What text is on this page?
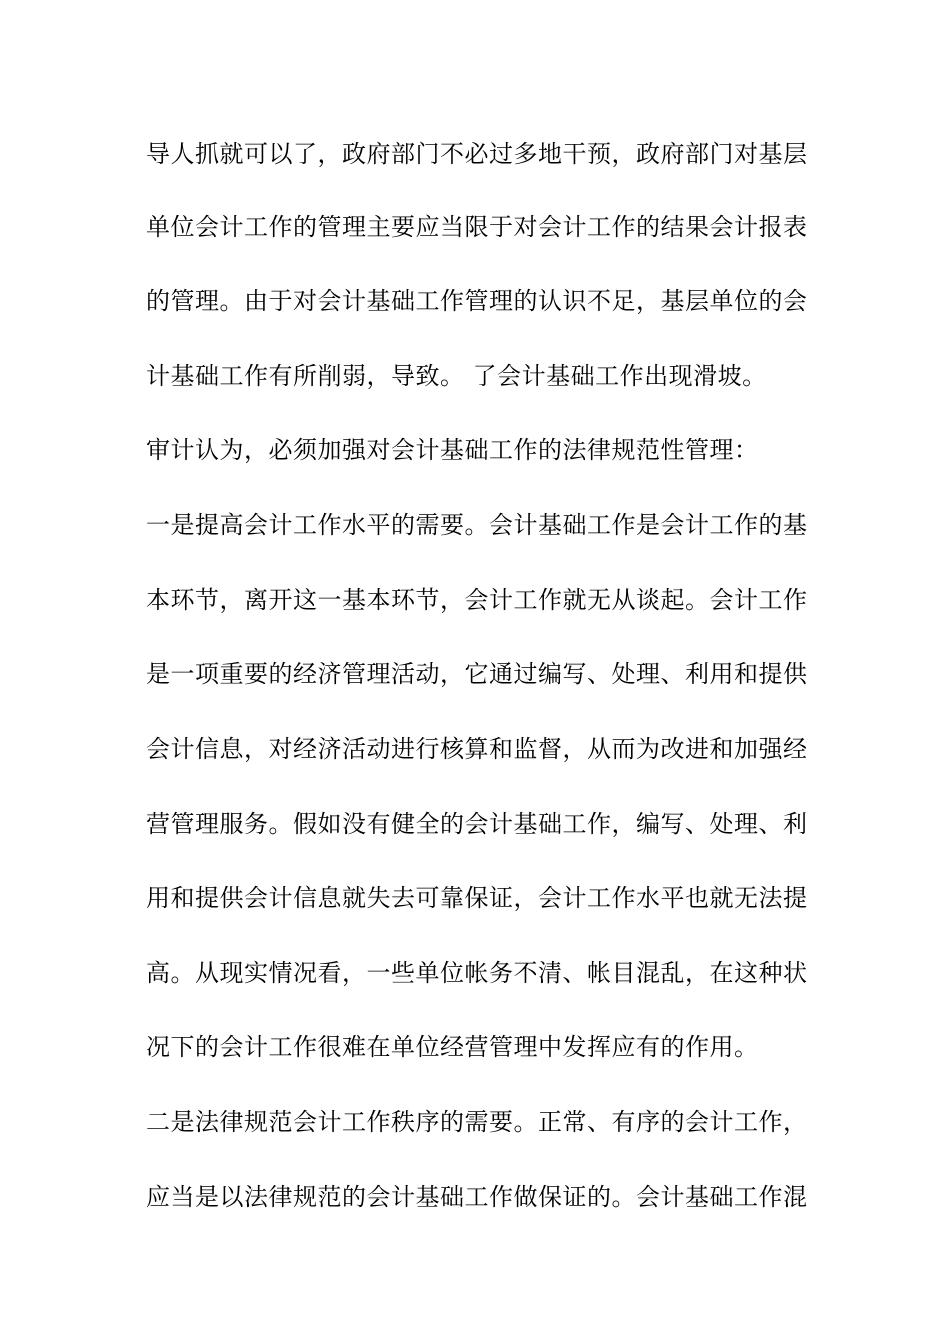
导人抓就可以了，政府部门不必过多地干预，政府部门对基层
单位会计工作的管理主要应当限于对会计工作的结果会计报表
的管理。由于对会计基础工作管理的认识不足，基层单位的会
计基础工作有所削弱，导致。 了会计基础工作出现滑坡。
审计认为，必须加强对会计基础工作的法律规范性管理：
一是提高会计工作水平的需要。会计基础工作是会计工作的基
本环节，离开这一基本环节，会计工作就无从谈起。会计工作
是一项重要的经济管理活动，它通过编写、处理、利用和提供
会计信息，对经济活动进行核算和监督，从而为改进和加强经
营管理服务。假如没有健全的会计基础工作，编写、处理、利
用和提供会计信息就失去可靠保证，会计工作水平也就无法提
高。从现实情况看，一些单位帐务不清、帐目混乱，在这种状
况下的会计工作很难在单位经营管理中发挥应有的作用。
二是法律规范会计工作秩序的需要。正常、有序的会计工作，
应当是以法律规范的会计基础工作做保证的。会计基础工作混
